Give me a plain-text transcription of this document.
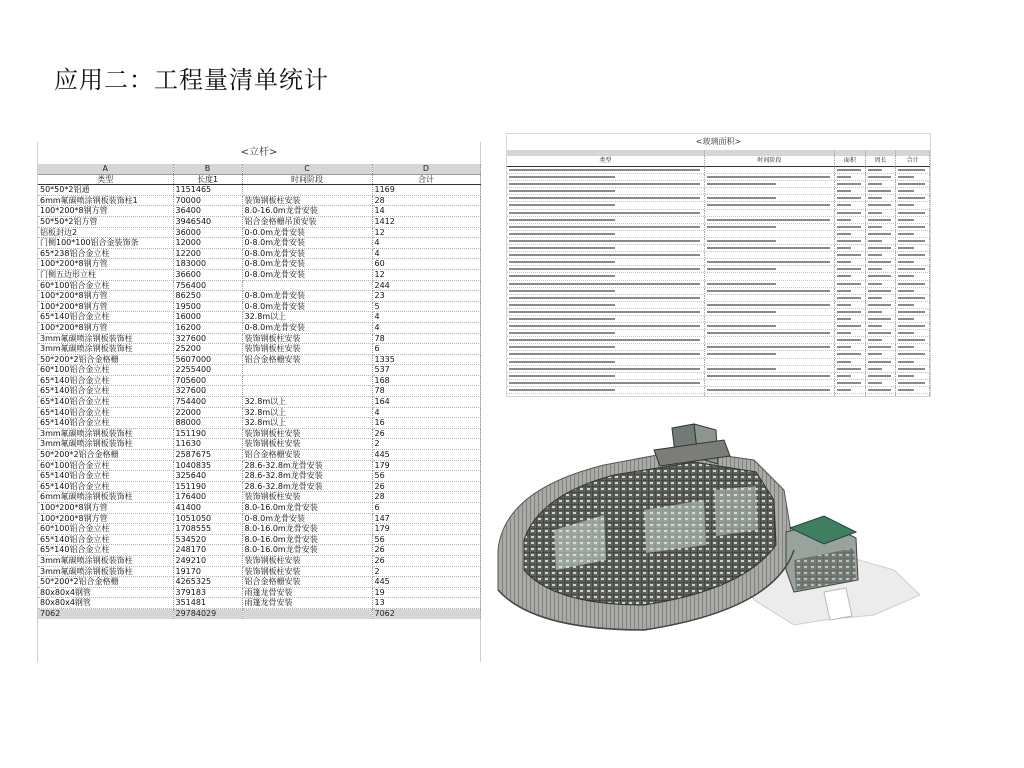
应用二：工程量清单统计
<立杆>
A	B	C	D
类型	长度1	时间阶段	合计
50*50*2铝通	1151465		1169
6mm氟碳喷涂钢板装饰柱1	70000	装饰钢板柱安装	28
100*200*8钢方管	36400	8.0-16.0m龙骨安装	14
50*50*2铝方管	3946540	铝合金格栅吊顶安装	1412
铝板封边2	36000	0-0.0m龙骨安装	12
门侧100*100铝合金装饰条	12000	0-8.0m龙骨安装	4
65*238铝合金立柱	12200	0-8.0m龙骨安装	4
100*200*8钢方管	183000	0-8.0m龙骨安装	60
门侧五边形立柱	36600	0-8.0m龙骨安装	12
60*100铝合金立柱	756400		244
100*200*8钢方管	86250	0-8.0m龙骨安装	23
100*200*8钢方管	19500	0-8.0m龙骨安装	5
65*140铝合金立柱	16000	32.8m以上	4
100*200*8钢方管	16200	0-8.0m龙骨安装	4
3mm氟碳喷涂钢板装饰柱	327600	装饰钢板柱安装	78
3mm氟碳喷涂钢板装饰柱	25200	装饰钢板柱安装	6
50*200*2铝合金格栅	5607000	铝合金格栅安装	1335
60*100铝合金立柱	2255400		537
65*140铝合金立柱	705600		168
65*140铝合金立柱	327600		78
65*140铝合金立柱	754400	32.8m以上	164
65*140铝合金立柱	22000	32.8m以上	4
65*140铝合金立柱	88000	32.8m以上	16
3mm氟碳喷涂钢板装饰柱	151190	装饰钢板柱安装	26
3mm氟碳喷涂钢板装饰柱	11630	装饰钢板柱安装	2
50*200*2铝合金格栅	2587675	铝合金格栅安装	445
60*100铝合金立柱	1040835	28.6-32.8m龙骨安装	179
65*140铝合金立柱	325640	28.6-32.8m龙骨安装	56
65*140铝合金立柱	151190	28.6-32.8m龙骨安装	26
6mm氟碳喷涂钢板装饰柱	176400	装饰钢板柱安装	28
100*200*8钢方管	41400	8.0-16.0m龙骨安装	6
100*200*8钢方管	1051050	0-8.0m龙骨安装	147
60*100铝合金立柱	1708555	8.0-16.0m龙骨安装	179
65*140铝合金立柱	534520	8.0-16.0m龙骨安装	56
65*140铝合金立柱	248170	8.0-16.0m龙骨安装	26
3mm氟碳喷涂钢板装饰柱	249210	装饰钢板柱安装	26
3mm氟碳喷涂钢板装饰柱	19170	装饰钢板柱安装	2
50*200*2铝合金格栅	4265325	铝合金格栅安装	445
80x80x4钢管	379183	雨篷龙骨安装	19
80x80x4钢管	351481	雨篷龙骨安装	13
7062	29784029		7062
<玻璃面积>
类型	时间阶段	面积	周长	合计
